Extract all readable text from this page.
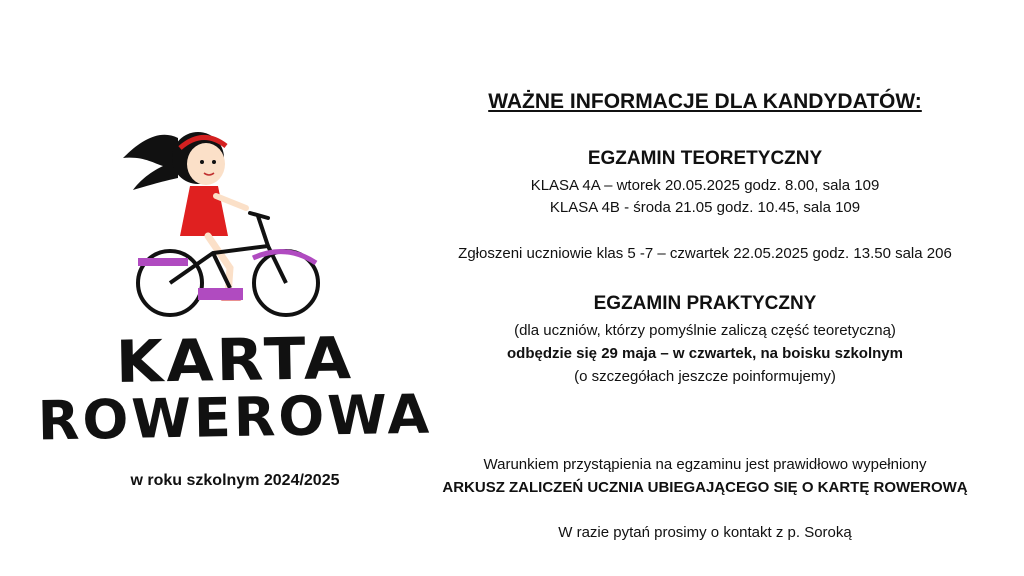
KARTA
ROWEROWA
w roku szkolnym 2024/2025
WAŻNE INFORMACJE DLA KANDYDATÓW:
EGZAMIN TEORETYCZNY
KLASA 4A – wtorek 20.05.2025 godz. 8.00, sala 109
KLASA 4B - środa 21.05 godz. 10.45, sala 109
Zgłoszeni uczniowie klas 5 -7 – czwartek 22.05.2025 godz. 13.50 sala 206
EGZAMIN PRAKTYCZNY
(dla uczniów, którzy pomyślnie zaliczą część teoretyczną)
odbędzie się 29 maja – w czwartek, na boisku szkolnym
(o szczegółach jeszcze poinformujemy)
Warunkiem przystąpienia na egzaminu jest prawidłowo wypełniony
ARKUSZ ZALICZEŃ UCZNIA UBIEGAJĄCEGO SIĘ O KARTĘ ROWEROWĄ
W razie pytań prosimy o kontakt z p. Soroką
